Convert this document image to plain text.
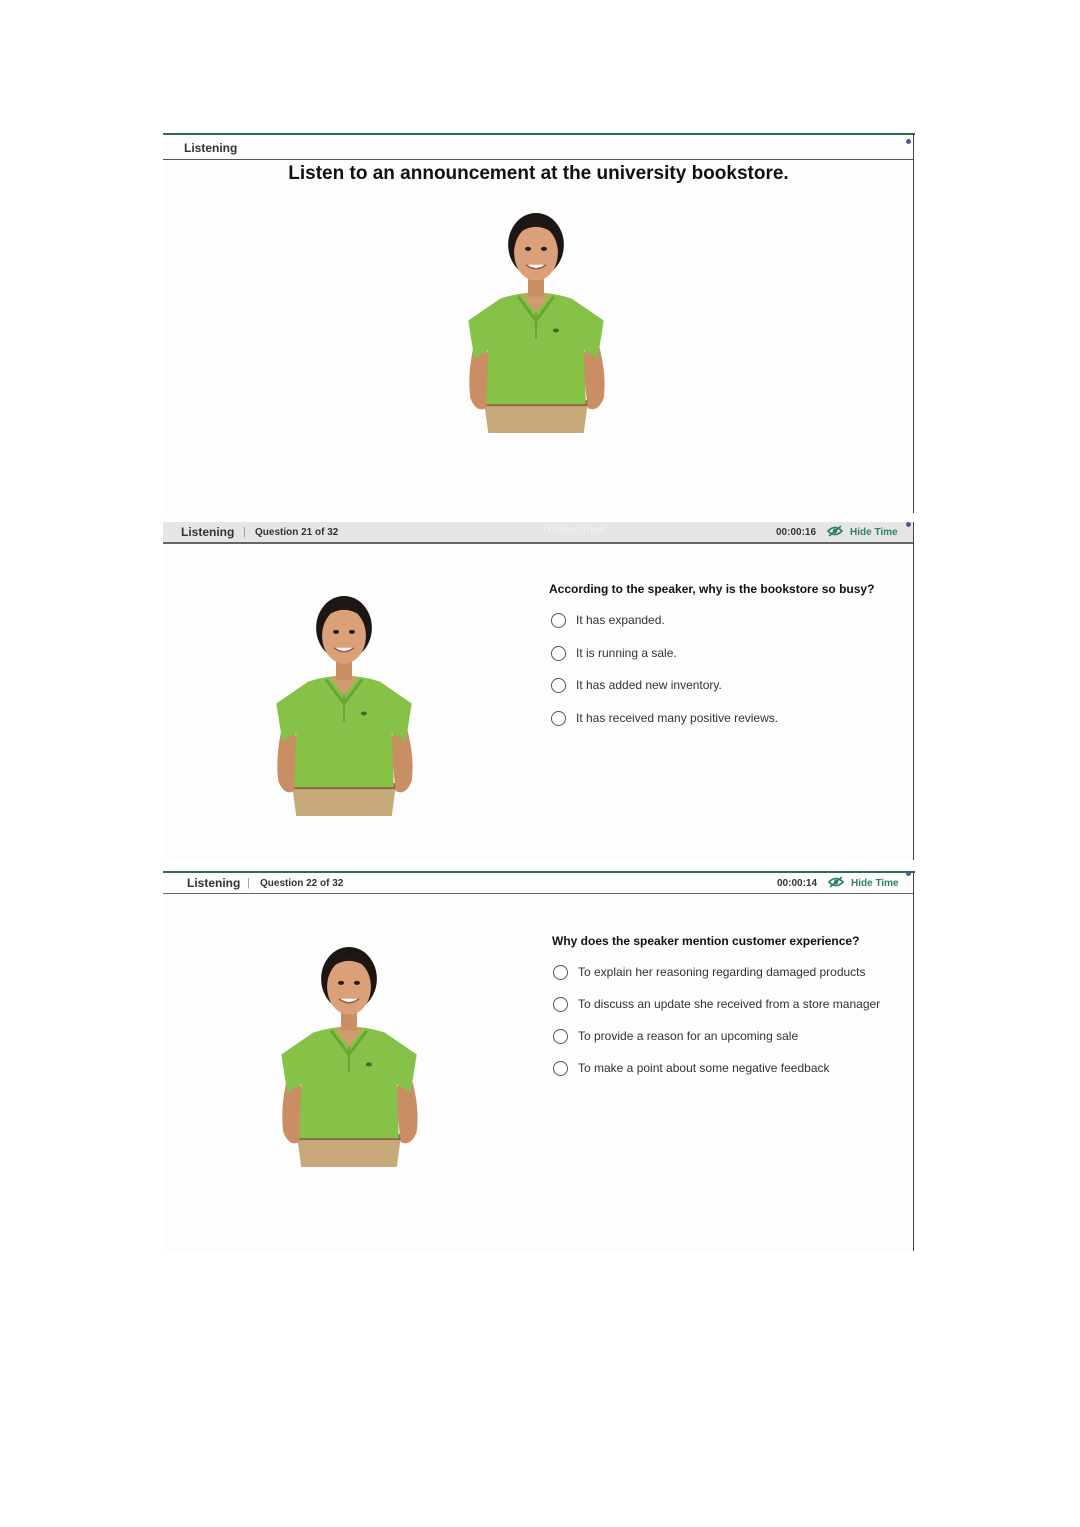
Listening
Listen to an announcement at the university bookstore.
Listening | Question 21 of 32	Untitled.mp4	00:00:16	Hide Time
According to the speaker, why is the bookstore so busy?
It has expanded.
It is running a sale.
It has added new inventory.
It has received many positive reviews.
Listening | Question 22 of 32	00:00:14	Hide Time
Why does the speaker mention customer experience?
To explain her reasoning regarding damaged products
To discuss an update she received from a store manager
To provide a reason for an upcoming sale
To make a point about some negative feedback
